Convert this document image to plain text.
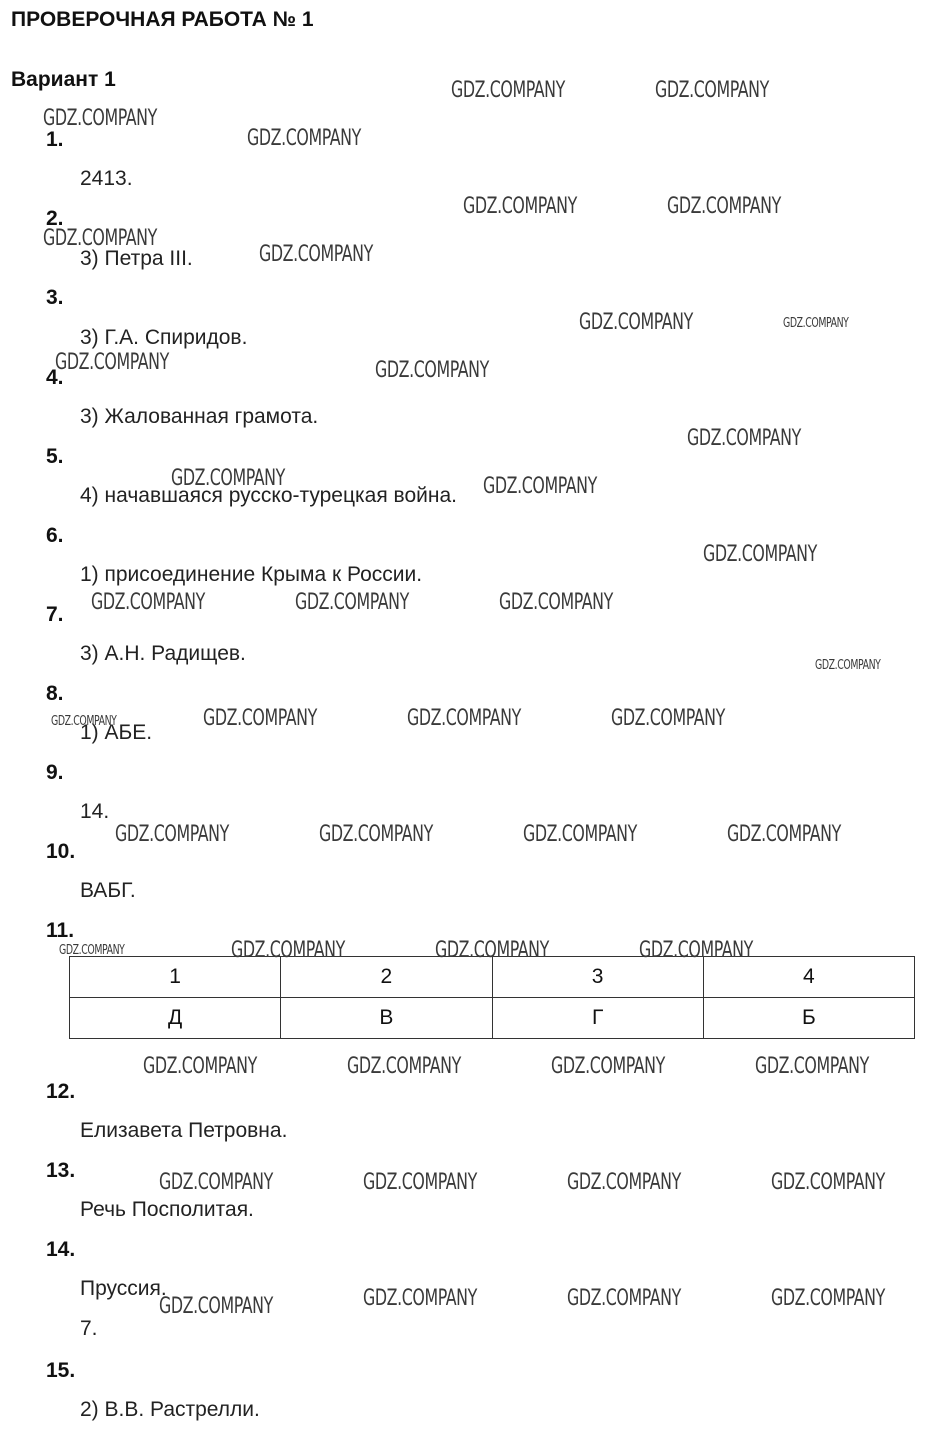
ПРОВЕРОЧНАЯ РАБОТА № 1
Вариант 1
1.
2413.
2.
3) Петра III.
3.
3) Г.А. Спиридов.
4.
3) Жалованная грамота.
5.
4) начавшаяся русско-турецкая война.
6.
1) присоединение Крыма к России.
7.
3) А.Н. Радищев.
8.
1) АБЕ.
9.
14.
10.
ВАБГ.
11.
1	2	3	4
Д	В	Г	Б
12.
Елизавета Петровна.
13.
Речь Посполитая.
14.
Пруссия.
7.
15.
2) В.В. Растрелли.
GDZ.COMPANY	GDZ.COMPANY
GDZ.COMPANY
GDZ.COMPANY
GDZ.COMPANY	GDZ.COMPANY
GDZ.COMPANY
GDZ.COMPANY
GDZ.COMPANY	GDZ.COMPANY
GDZ.COMPANY	GDZ.COMPANY
GDZ.COMPANY
GDZ.COMPANY	GDZ.COMPANY
GDZ.COMPANY
GDZ.COMPANY	GDZ.COMPANY	GDZ.COMPANY
GDZ.COMPANY
GDZ.COMPANY	GDZ.COMPANY	GDZ.COMPANY	GDZ.COMPANY
GDZ.COMPANY	GDZ.COMPANY	GDZ.COMPANY	GDZ.COMPANY
GDZ.COMPANY	GDZ.COMPANY	GDZ.COMPANY	GDZ.COMPANY
GDZ.COMPANY	GDZ.COMPANY	GDZ.COMPANY	GDZ.COMPANY
GDZ.COMPANY	GDZ.COMPANY	GDZ.COMPANY	GDZ.COMPANY
GDZ.COMPANY	GDZ.COMPANY	GDZ.COMPANY	GDZ.COMPANY
